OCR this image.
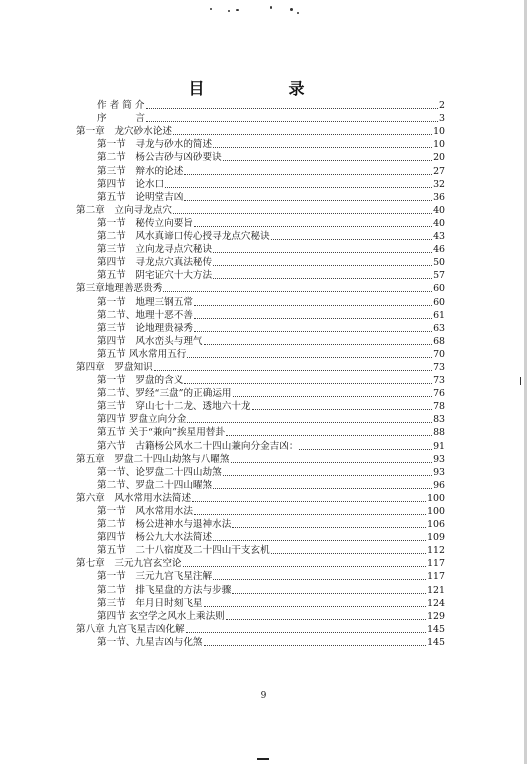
目　录
作 者 简 介	2
序　　　言	3
第一章　龙穴砂水论述	10
第一节　寻龙与砂水的简述	10
第二节　杨公吉砂与凶砂要诀	20
第三节　辩水的论述	27
第四节　论水口	32
第五节　论明堂吉凶	36
第二章　立向寻龙点穴	40
第一节　秘传立向要旨	40
第二节　风水真谛口传心授寻龙点穴秘诀	43
第三节　立向龙寻点穴秘诀	46
第四节　寻龙点穴真法秘传	50
第五节　阴宅证穴十大方法	57
第三章地理善恶贵秀	60
第一节　地理三钢五常	60
第二节、地理十恶不善	61
第三节　论地理贵禄秀	63
第四节　风水峦头与理气	68
第五节 风水常用五行	70
第四章　罗盘知识	73
第一节　罗盘的含义	73
第二节、罗经“三盘”的正确运用	76
第三节　穿山七十二龙、透地六十龙	78
第四节 罗盘立向分金	83
第五节 关于“兼向”挨星用替卦	88
第六节　古籍杨公风水二十四山兼向分金吉凶：	91
第五章　罗盘二十四山劫煞与八曜煞	93
第一节、论罗盘二十四山劫煞	93
第二节、罗盘二十四山曜煞	96
第六章　风水常用水法简述	100
第一节　风水常用水法	100
第二节　杨公进神水与退神水法	106
第四节　杨公九大水法简述	109
第五节　二十八宿度及二十四山干支玄机	112
第七章　三元九宫玄空论	117
第一节　三元九宫飞星注解	117
第二节　排飞星盘的方法与步骤	121
第三节　年月日时刻飞星	124
第四节 玄空学之风水上乘法则	129
第八章 九宫飞星吉凶化解	145
第一节、九星吉凶与化煞	145
9
